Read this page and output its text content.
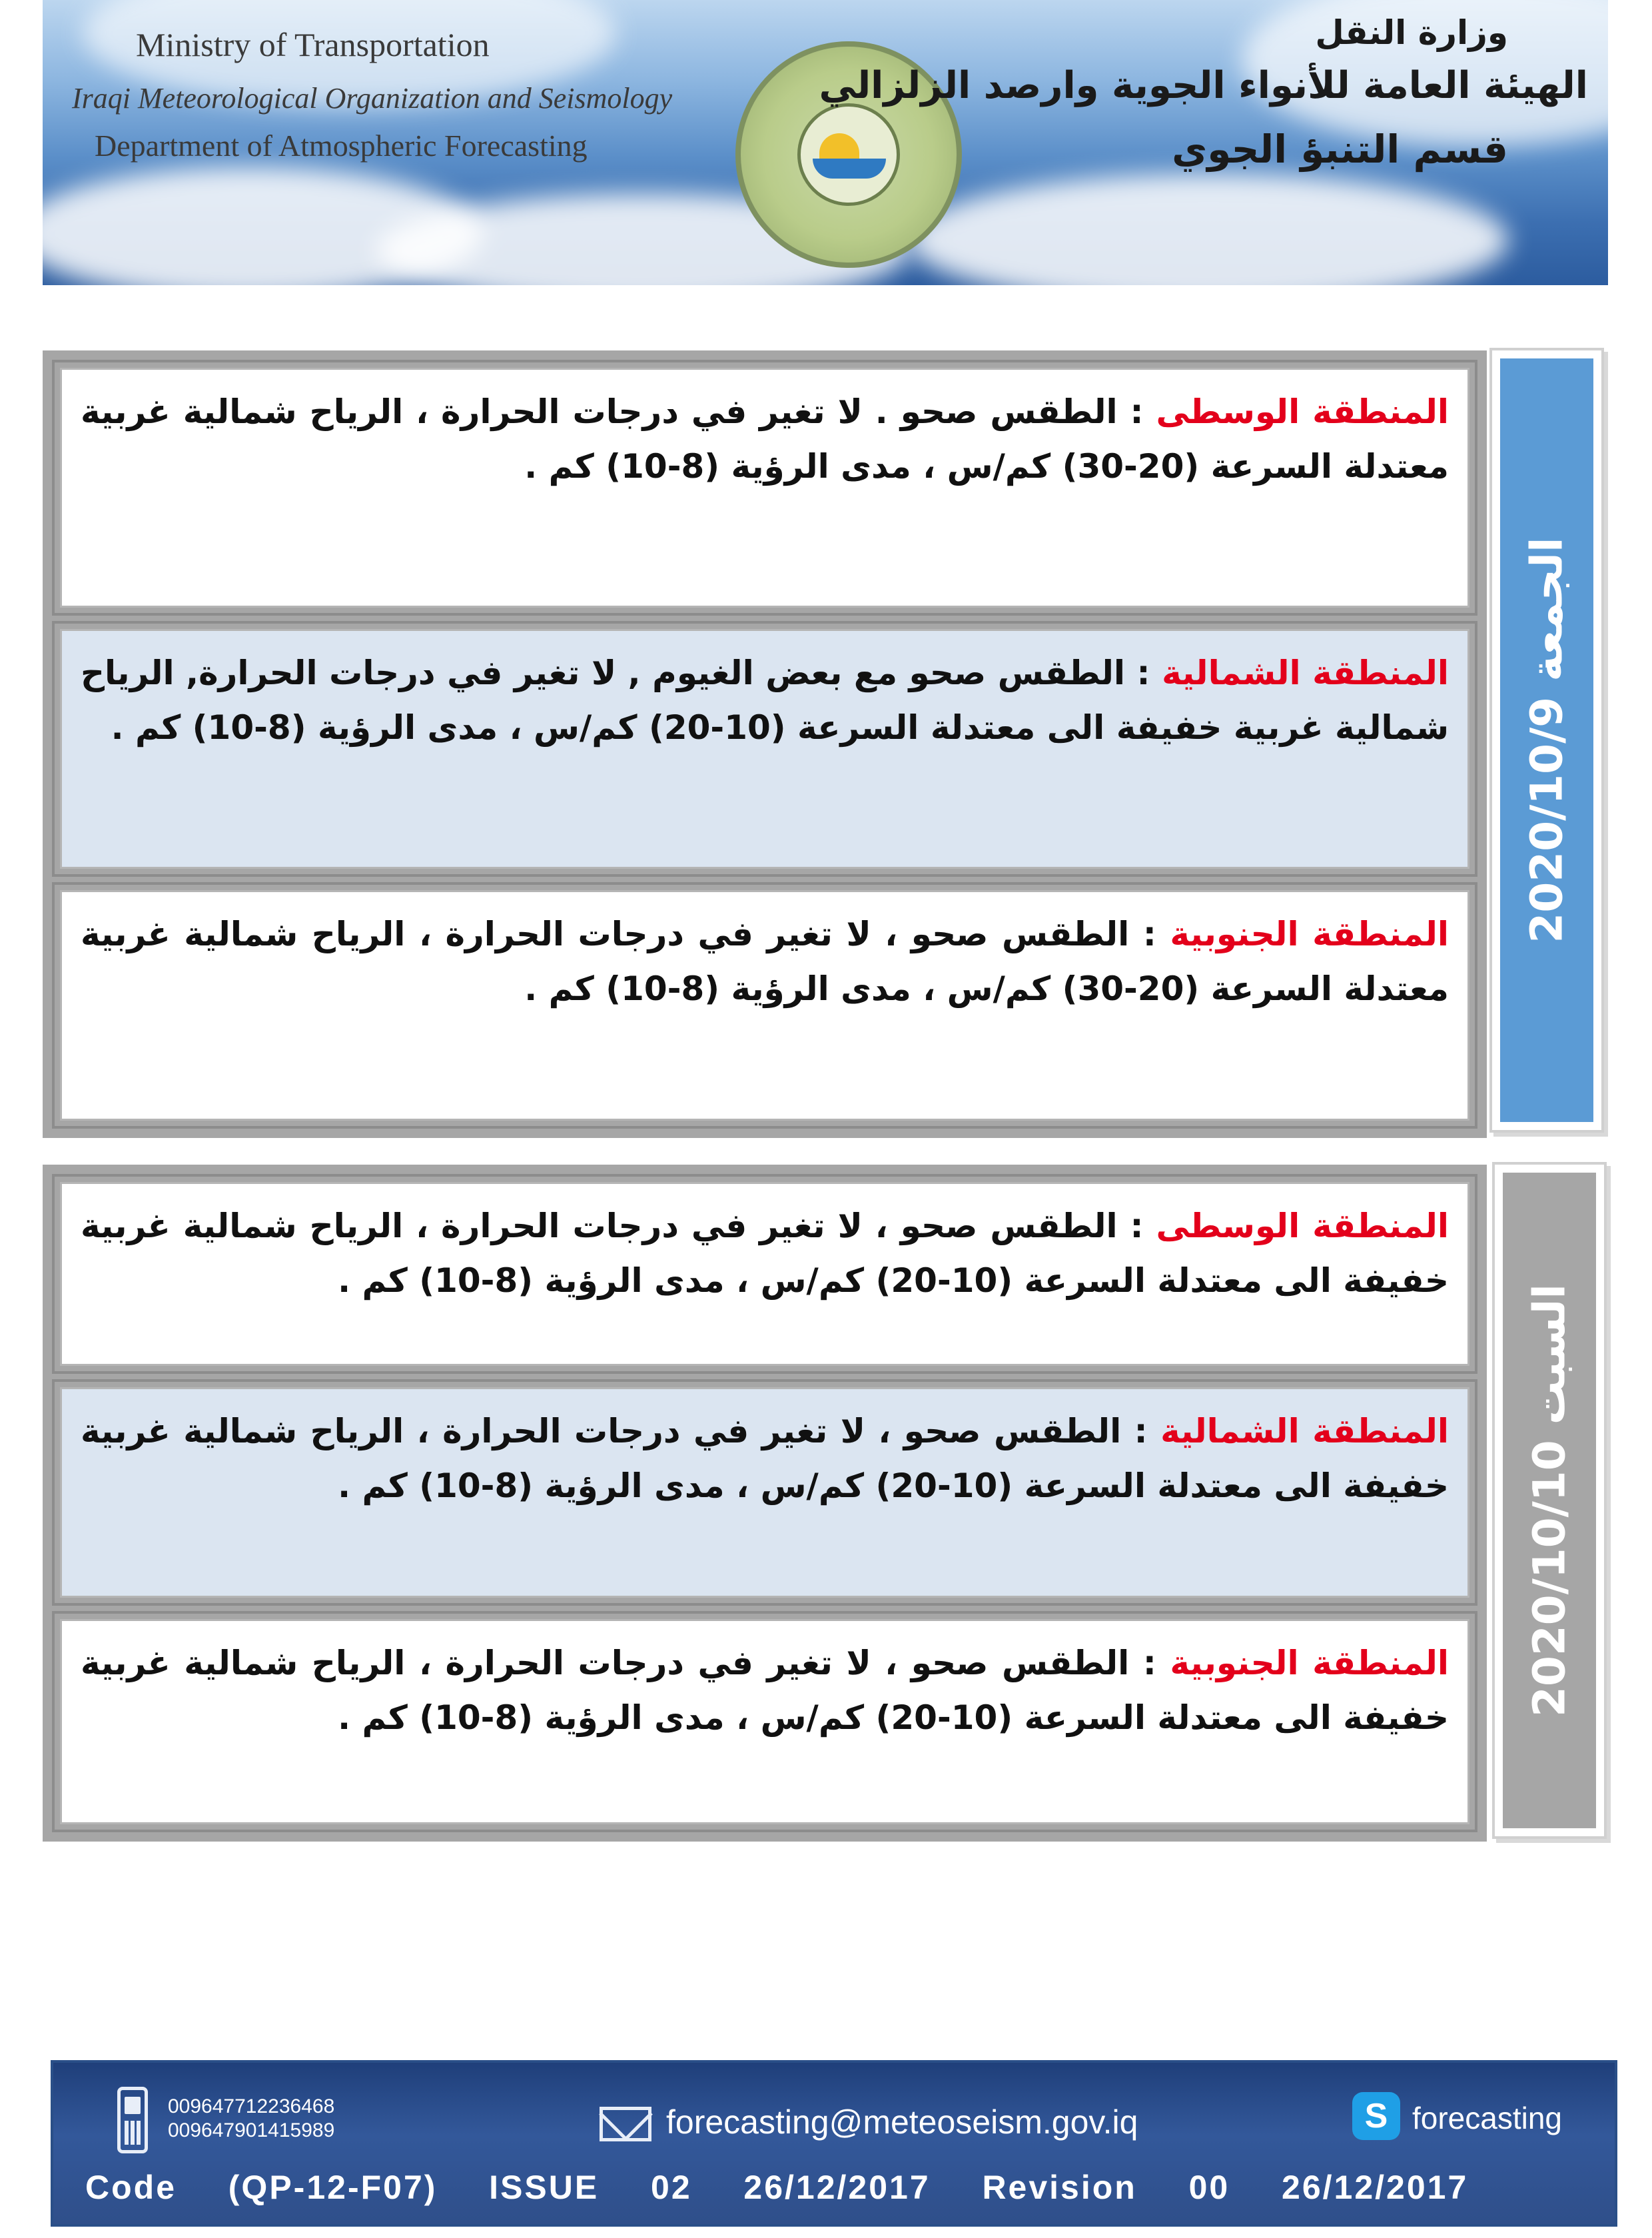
Ministry of Transportation
Iraqi Meteorological Organization and Seismology
Department of Atmospheric Forecasting
وزارة النقل
الهيئة العامة للأنواء الجوية وارصد الزلزالي
قسم التنبؤ الجوي

المنطقة الوسطى : الطقس صحو . لا تغير في درجات الحرارة ، الرياح شمالية غربية معتدلة السرعة (20-30) كم/س ، مدى الرؤية (8-10) كم .

المنطقة الشمالية : الطقس صحو مع بعض الغيوم , لا تغير في درجات الحرارة, الرياح شمالية غربية خفيفة الى معتدلة السرعة (10-20) كم/س ، مدى الرؤية (8-10) كم .

المنطقة الجنوبية : الطقس صحو ، لا تغير في درجات الحرارة ، الرياح شمالية غربية معتدلة السرعة (20-30) كم/س ، مدى الرؤية (8-10) كم .

الجمعة 2020/10/9

المنطقة الوسطى : الطقس صحو ، لا تغير في درجات الحرارة ، الرياح شمالية غربية خفيفة الى معتدلة السرعة (10-20) كم/س ، مدى الرؤية (8-10) كم .

المنطقة الشمالية : الطقس صحو ، لا تغير في درجات الحرارة ، الرياح شمالية غربية خفيفة الى معتدلة السرعة (10-20) كم/س ، مدى الرؤية (8-10) كم .

المنطقة الجنوبية : الطقس صحو ، لا تغير في درجات الحرارة ، الرياح شمالية غربية خفيفة الى معتدلة السرعة (10-20) كم/س ، مدى الرؤية (8-10) كم .

السبت 2020/10/10
009647712236468
009647901415989	forecasting@meteoseism.gov.iq	S forecasting
Code  (QP-12-F07)  ISSUE  02  26/12/2017  Revision  00  26/12/2017
